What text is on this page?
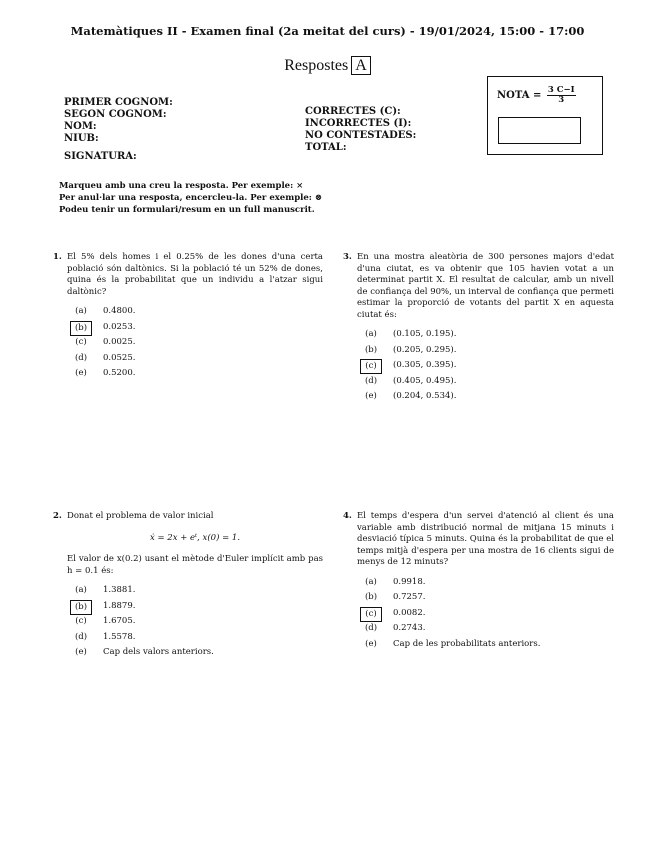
Matemàtiques II - Examen final (2a meitat del curs) - 19/01/2024, 15:00 - 17:00
Respostes A
PRIMER COGNOM:
SEGON COGNOM:
NOM:
NIUB:
SIGNATURA:
CORRECTES (C):
INCORRECTES (I):
NO CONTESTADES:
TOTAL:
NOTA = $\frac{3 C-I}{3}$
Marqueu amb una creu la resposta. Per exemple: ×
Per anul·lar una resposta, encercleu-la. Per exemple: ⊗
Podeu tenir un formulari/resum en un full manuscrit.
1. El 5% dels homes i el 0.25% de les dones d'una certa població són daltònics. Si la població té un 52% de dones, quina és la probabilitat que un individu a l'atzar sigui daltònic?
(a)	0.4800.
(b)	0.0253.
(c)	0.0025.
(d)	0.0525.
(e)	0.5200.
2. Donat el problema de valor inicial
ẋ = 2x + eᵗ, x(0) = 1.
El valor de x(0.2) usant el mètode d'Euler implícit amb pas h = 0.1 és:
(a)	1.3881.
(b)	1.8879.
(c)	1.6705.
(d)	1.5578.
(e)	Cap dels valors anteriors.
3. En una mostra aleatòria de 300 persones majors d'edat d'una ciutat, es va obtenir que 105 havien votat a un determinat partit X. El resultat de calcular, amb un nivell de confiança del 90%, un interval de confiança que permeti estimar la proporció de votants del partit X en aquesta ciutat és:
(a)	(0.105, 0.195).
(b)	(0.205, 0.295).
(c)	(0.305, 0.395).
(d)	(0.405, 0.495).
(e)	(0.204, 0.534).
4. El temps d'espera d'un servei d'atenció al client és una variable amb distribució normal de mitjana 15 minuts i desviació típica 5 minuts. Quina és la probabilitat de que el temps mitjà d'espera per una mostra de 16 clients sigui de menys de 12 minuts?
(a)	0.9918.
(b)	0.7257.
(c)	0.0082.
(d)	0.2743.
(e)	Cap de les probabilitats anteriors.
